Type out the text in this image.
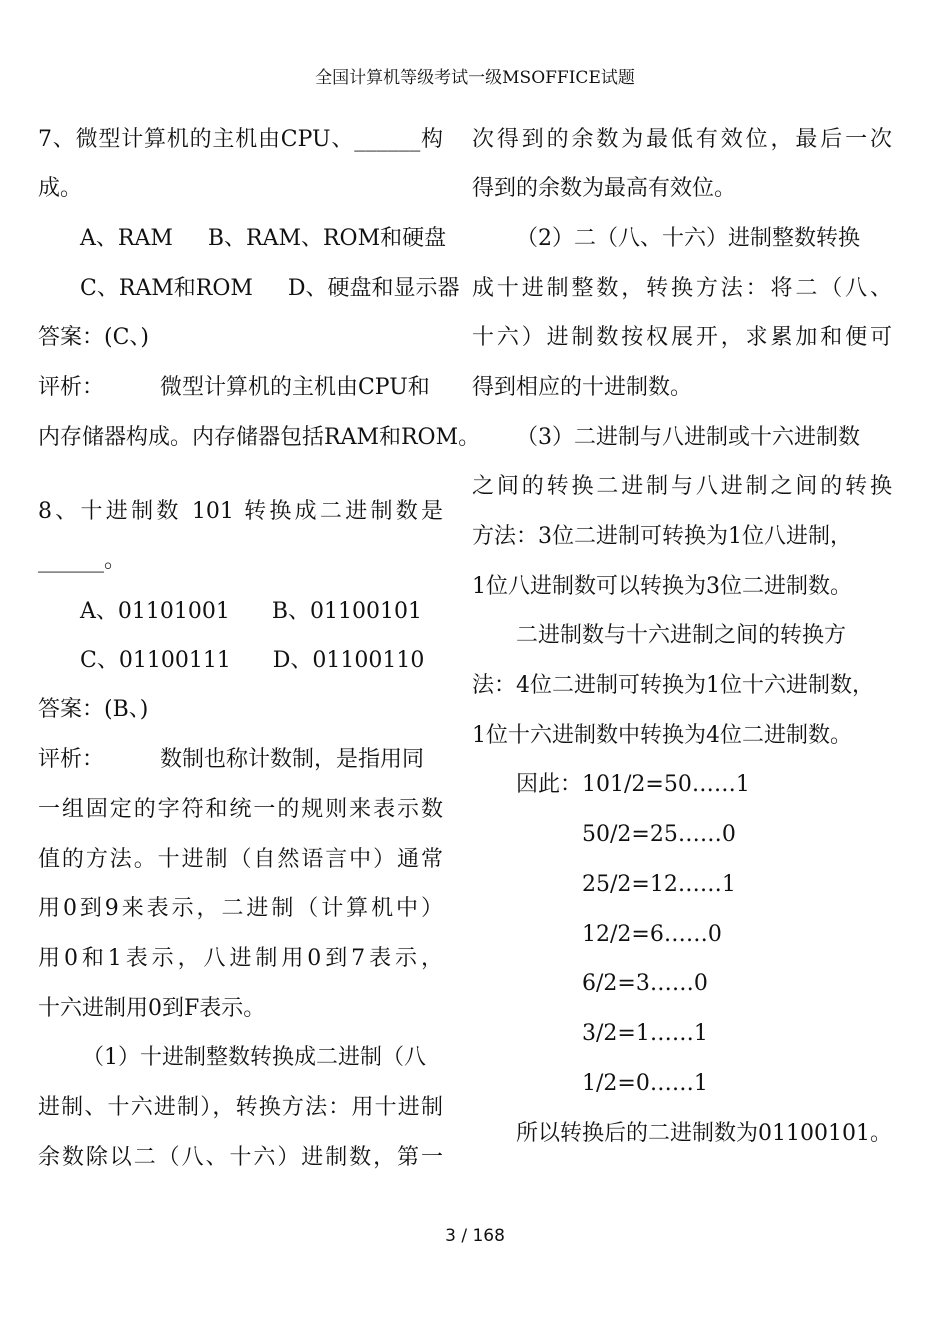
全国计算机等级考试一级MSOFFICE试题
7、微型计算机的主机由CPU、______构
成。
A、RAM     B、RAM、ROM和硬盘
C、RAM和ROM     D、硬盘和显示器
答案：(C、)
评析：        微型计算机的主机由CPU和
内存储器构成。内存储器包括RAM和ROM。
8、十进制数 101 转换成二进制数是
______。
A、01101001      B、01100101
C、01100111      D、01100110
答案：(B、)
评析：        数制也称计数制，是指用同
一组固定的字符和统一的规则来表示数
值的方法。十进制（自然语言中）通常
用0到9来表示，二进制（计算机中）
用0和1表示，八进制用0到7表示，
十六进制用0到F表示。
（1）十进制整数转换成二进制（八
进制、十六进制），转换方法：用十进制
余数除以二（八、十六）进制数，第一
次得到的余数为最低有效位，最后一次
得到的余数为最高有效位。
（2）二（八、十六）进制整数转换
成十进制整数，转换方法：将二（八、
十六）进制数按权展开，求累加和便可
得到相应的十进制数。
（3）二进制与八进制或十六进制数
之间的转换二进制与八进制之间的转换
方法：3位二进制可转换为1位八进制，
1位八进制数可以转换为3位二进制数。
二进制数与十六进制之间的转换方
法：4位二进制可转换为1位十六进制数，
1位十六进制数中转换为4位二进制数。
因此：101/2=50……1
50/2=25……0
25/2=12……1
12/2=6……0
6/2=3……0
3/2=1……1
1/2=0……1
所以转换后的二进制数为01100101。
3 / 168
